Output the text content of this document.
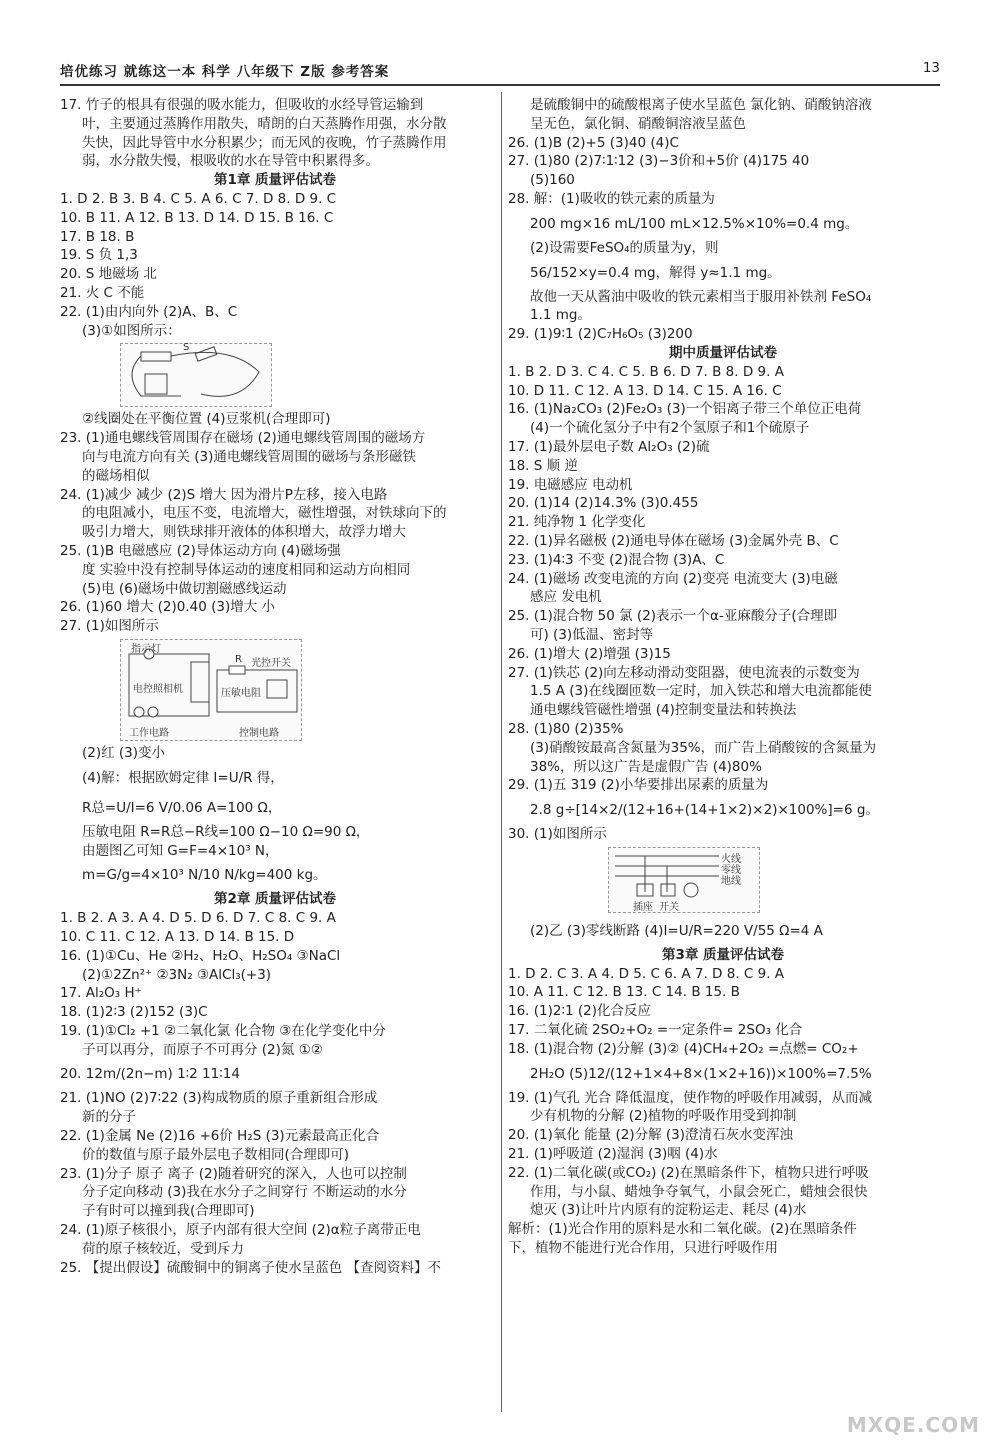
培优练习 就练这一本 科学 八年级下 Z版 参考答案	13
17. 竹子的根具有很强的吸水能力，但吸收的水经导管运输到
叶，主要通过蒸腾作用散失，晴朗的白天蒸腾作用强，水分散
失快，因此导管中水分积累少；而无风的夜晚，竹子蒸腾作用
弱，水分散失慢，根吸收的水在导管中积累得多。
第1章 质量评估试卷
1. D 2. B 3. B 4. C 5. A 6. C 7. D 8. D 9. C
10. B 11. A 12. B 13. D 14. D 15. B 16. C
17. B 18. B
19. S 负 1,3
20. S 地磁场 北
21. 火 C 不能
22. (1)由内向外 (2)A、B、C
(3)①如图所示：
S
②线圈处在平衡位置 (4)豆浆机(合理即可)
23. (1)通电螺线管周围存在磁场 (2)通电螺线管周围的磁场方
向与电流方向有关 (3)通电螺线管周围的磁场与条形磁铁
的磁场相似
24. (1)减少 减少 (2)S 增大 因为滑片P左移，接入电路
的电阻减小，电压不变，电流增大，磁性增强，对铁球向下的
吸引力增大，则铁球排开液体的体积增大，故浮力增大
25. (1)B 电磁感应 (2)导体运动方向 (4)磁场强
度 实验中没有控制导体运动的速度相同和运动方向相同
(5)电 (6)磁场中做切割磁感线运动
26. (1)60 增大 (2)0.40 (3)增大 小
27. (1)如图所示
指示灯
电控照相机
R 光控开关
压敏电阻
工作电路	控制电路
(2)红 (3)变小
(4)解：根据欧姆定律 I=U/R 得，
R总=U/I=6 V/0.06 A=100 Ω，
压敏电阻 R=R总−R线=100 Ω−10 Ω=90 Ω，
由题图乙可知 G=F=4×10³ N，
m=G/g=4×10³ N/10 N/kg=400 kg。
第2章 质量评估试卷
1. B 2. A 3. A 4. D 5. D 6. D 7. C 8. C 9. A
10. C 11. C 12. A 13. D 14. B 15. D
16. (1)①Cu、He ②H₂、H₂O、H₂SO₄ ③NaCl
(2)①2Zn²⁺ ②3N₂ ③AlCl₃(+3)
17. Al₂O₃ H⁺
18. (1)2∶3 (2)152 (3)C
19. (1)①Cl₂ +1 ②二氧化氯 化合物 ③在化学变化中分
子可以再分，而原子不可再分 (2)氮 ①②
20. 12m/(2n−m) 1∶2 11∶14
21. (1)NO (2)7∶22 (3)构成物质的原子重新组合形成
新的分子
22. (1)金属 Ne (2)16 +6价 H₂S (3)元素最高正化合
价的数值与原子最外层电子数相同(合理即可)
23. (1)分子 原子 离子 (2)随着研究的深入，人也可以控制
分子定向移动 (3)我在水分子之间穿行 不断运动的水分
子有时可以撞到我(合理即可)
24. (1)原子核很小，原子内部有很大空间 (2)α粒子离带正电
荷的原子核较近，受到斥力
25. 【提出假设】硫酸铜中的铜离子使水呈蓝色 【查阅资料】不
是硫酸铜中的硫酸根离子使水呈蓝色 氯化钠、硝酸钠溶液
呈无色，氯化铜、硝酸铜溶液呈蓝色
26. (1)B (2)+5 (3)40 (4)C
27. (1)80 (2)7∶1∶12 (3)−3价和+5价 (4)175 40
(5)160
28. 解：(1)吸收的铁元素的质量为
200 mg×16 mL/100 mL×12.5%×10%=0.4 mg。
(2)设需要FeSO₄的质量为y，则
56/152×y=0.4 mg，解得 y≈1.1 mg。
故他一天从酱油中吸收的铁元素相当于服用补铁剂 FeSO₄
1.1 mg。
29. (1)9∶1 (2)C₇H₆O₅ (3)200
期中质量评估试卷
1. B 2. D 3. C 4. C 5. B 6. D 7. B 8. D 9. A
10. D 11. C 12. A 13. D 14. C 15. A 16. C
16. (1)Na₂CO₃ (2)Fe₂O₃ (3)一个铝离子带三个单位正电荷
(4)一个硫化氢分子中有2个氢原子和1个硫原子
17. (1)最外层电子数 Al₂O₃ (2)硫
18. S 顺 逆
19. 电磁感应 电动机
20. (1)14 (2)14.3% (3)0.455
21. 纯净物 1 化学变化
22. (1)异名磁极 (2)通电导体在磁场 (3)金属外壳 B、C
23. (1)4∶3 不变 (2)混合物 (3)A、C
24. (1)磁场 改变电流的方向 (2)变亮 电流变大 (3)电磁
感应 发电机
25. (1)混合物 50 氯 (2)表示一个α-亚麻酸分子(合理即
可) (3)低温、密封等
26. (1)增大 (2)增强 (3)15
27. (1)铁芯 (2)向左移动滑动变阻器，使电流表的示数变为
1.5 A (3)在线圈匝数一定时，加入铁芯和增大电流都能使
通电螺线管磁性增强 (4)控制变量法和转换法
28. (1)80 (2)35%
(3)硝酸铵最高含氮量为35%，而广告上硝酸铵的含氮量为
38%，所以这广告是虚假广告 (4)80%
29. (1)五 319 (2)小华要排出尿素的质量为
2.8 g÷[14×2/(12+16+(14+1×2)×2)×100%]=6 g。
30. (1)如图所示
火线
零线
地线
插座 开关
(2)乙 (3)零线断路 (4)I=U/R=220 V/55 Ω=4 A
第3章 质量评估试卷
1. D 2. C 3. A 4. D 5. C 6. A 7. D 8. C 9. A
10. A 11. C 12. B 13. C 14. B 15. B
16. (1)2∶1 (2)化合反应
17. 二氧化硫 2SO₂+O₂ =一定条件= 2SO₃ 化合
18. (1)混合物 (2)分解 (3)② (4)CH₄+2O₂ =点燃= CO₂+
2H₂O (5)12/(12+1×4+8×(1×2+16))×100%=7.5%
19. (1)气孔 光合 降低温度，使作物的呼吸作用减弱，从而减
少有机物的分解 (2)植物的呼吸作用受到抑制
20. (1)氧化 能量 (2)分解 (3)澄清石灰水变浑浊
21. (1)呼吸道 (2)湿润 (3)咽 (4)水
22. (1)二氧化碳(或CO₂) (2)在黑暗条件下，植物只进行呼吸
作用，与小鼠、蜡烛争夺氧气，小鼠会死亡，蜡烛会很快
熄灭 (3)让叶片内原有的淀粉运走、耗尽 (4)水
解析：(1)光合作用的原料是水和二氧化碳。(2)在黑暗条件
下，植物不能进行光合作用，只进行呼吸作用
MXQE.COM
